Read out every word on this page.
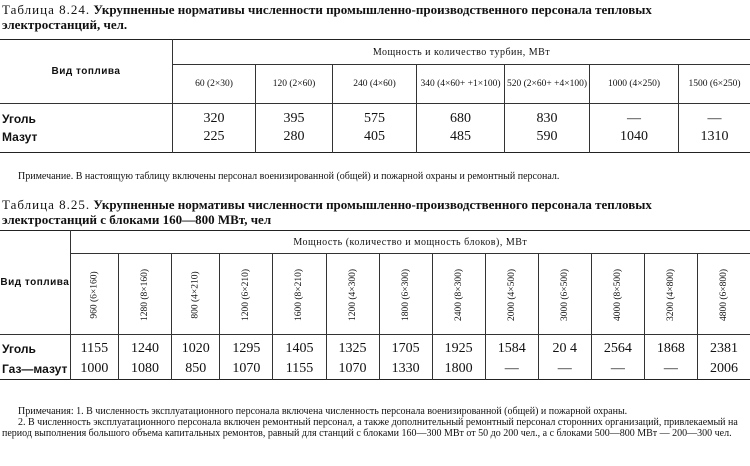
Таблица 8.24. Укрупненные нормативы численности промышленно-производственного персонала тепловых электростанций, чел.
Вид топлива	Мощность и количество турбин, МВт						
	60 (2×30)	120 (2×60)	240 (4×60)	340 (4×60+ +1×100)	520 (2×60+ +4×100)	1000 (4×250)	1500 (6×250)
Уголь	320	395	575	680	830	—	—
Мазут	225	280	405	485	590	1040	1310
Примечание. В настоящую таблицу включены персонал военизированной (общей) и пожарной охраны и ремонтный персонал.
Таблица 8.25. Укрупненные нормативы численности промышленно-производственного персонала тепловых электростанций с блоками 160—800 МВт, чел
Вид топлива	Мощность (количество и мощность блоков), МВт												
	960 (6×160)	1280 (8×160)	800 (4×210)	1200 (6×210)	1600 (8×210)	1200 (4×300)	1800 (6×300)	2400 (8×300)	2000 (4×500)	3000 (6×500)	4000 (8×500)	3200 (4×800)	4800 (6×800)
Уголь	1155	1240	1020	1295	1405	1325	1705	1925	1584	20 4	2564	1868	2381
Газ—мазут	1000	1080	850	1070	1155	1070	1330	1800	—	—	—	—	2006
Примечания: 1. В численность эксплуатационного персонала включена численность персонала военизированной (общей) и пожарной охраны.
2. В численность эксплуатационного персонала включен ремонтный персонал, а также дополнительный ремонтный персонал сторонних организаций, привлекаемый на период выполнения большого объема капитальных ремонтов, равный для станций с блоками 160—300 МВт от 50 до 200 чел., а с блоками 500—800 МВт — 200—300 чел.
